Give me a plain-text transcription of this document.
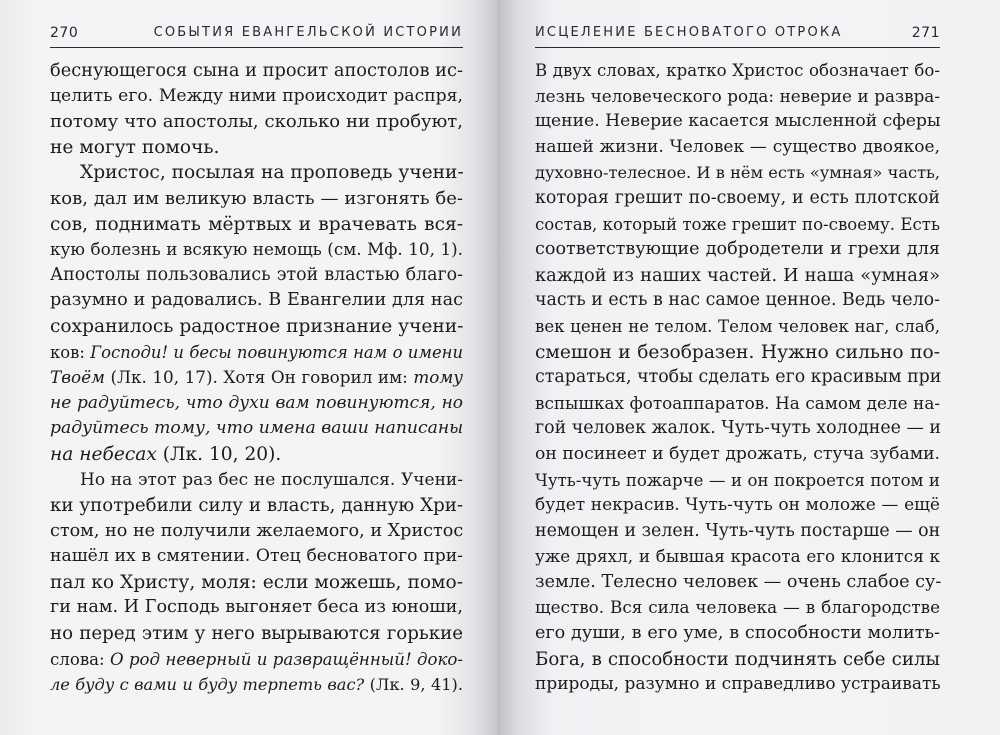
270	СОБЫТИЯ ЕВАНГЕЛЬСКОЙ ИСТОРИИ
беснующегося сына и просит апостолов ис-
целить его. Между ними происходит распря,
потому что апостолы, сколько ни пробуют,
не могут помочь.
Христос, посылая на проповедь учени-
ков, дал им великую власть — изгонять бе-
сов, поднимать мёртвых и врачевать вся-
кую болезнь и всякую немощь (см. Мф. 10, 1).
Апостолы пользовались этой властью благо-
разумно и радовались. В Евангелии для нас
сохранилось радостное признание учени-
ков: Господи! и бесы повинуются нам о имени
Твоём (Лк. 10, 17). Хотя Он говорил им: тому
не радуйтесь, что духи вам повинуются, но
радуйтесь тому, что имена ваши написаны
на небесах (Лк. 10, 20).
Но на этот раз бес не послушался. Учени-
ки употребили силу и власть, данную Хри-
стом, но не получили желаемого, и Христос
нашёл их в смятении. Отец бесноватого при-
пал ко Христу, моля: если можешь, помо-
ги нам. И Господь выгоняет беса из юноши,
но перед этим у него вырываются горькие
слова: О род неверный и развращённый! доко-
ле буду с вами и буду терпеть вас? (Лк. 9, 41).
ИСЦЕЛЕНИЕ БЕСНОВАТОГО ОТРОКА	271
В двух словах, кратко Христос обозначает бо-
лезнь человеческого рода: неверие и развра-
щение. Неверие касается мысленной сферы
нашей жизни. Человек — существо двоякое,
духовно-телесное. И в нём есть «умная» часть,
которая грешит по-своему, и есть плотской
состав, который тоже грешит по-своему. Есть
соответствующие добродетели и грехи для
каждой из наших частей. И наша «умная»
часть и есть в нас самое ценное. Ведь чело-
век ценен не телом. Телом человек наг, слаб,
смешон и безобразен. Нужно сильно по-
стараться, чтобы сделать его красивым при
вспышках фотоаппаратов. На самом деле на-
гой человек жалок. Чуть-чуть холоднее — и
он посинеет и будет дрожать, стуча зубами.
Чуть-чуть пожарче — и он покроется потом и
будет некрасив. Чуть-чуть он моложе — ещё
немощен и зелен. Чуть-чуть постарше — он
уже дряхл, и бывшая красота его клонится к
земле. Телесно человек — очень слабое су-
щество. Вся сила человека — в благородстве
его души, в его уме, в способности молить-
Бога, в способности подчинять себе силы
природы, разумно и справедливо устраивать
